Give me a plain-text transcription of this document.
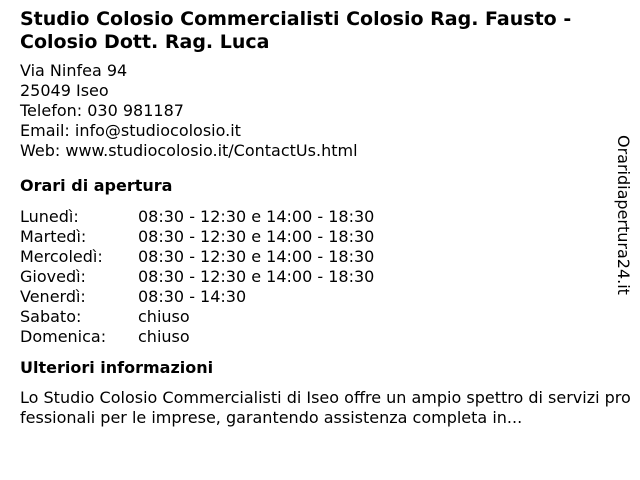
Studio Colosio Commercialisti Colosio Rag. Fausto - Colosio Dott. Rag. Luca
Via Ninfea 94
25049 Iseo
Telefon: 030 981187
Email: info@studiocolosio.it
Web: www.studiocolosio.it/ContactUs.html
Orari di apertura
Lunedì:	08:30 - 12:30 e 14:00 - 18:30
Martedì:	08:30 - 12:30 e 14:00 - 18:30
Mercoledì:	08:30 - 12:30 e 14:00 - 18:30
Giovedì:	08:30 - 12:30 e 14:00 - 18:30
Venerdì:	08:30 - 14:30
Sabato:	chiuso
Domenica:	chiuso
Ulteriori informazioni
Lo Studio Colosio Commercialisti di Iseo offre un ampio spettro di servizi professionali per le imprese, garantendo assistenza completa in...
Oraridiapertura24.it
